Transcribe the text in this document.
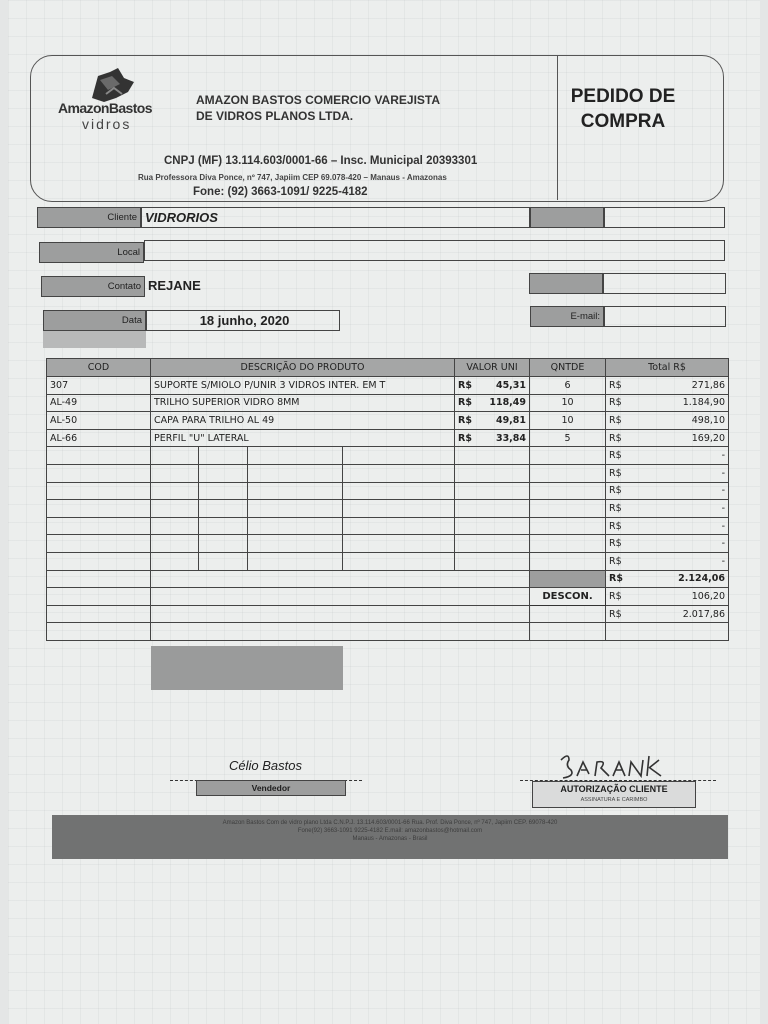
AmazonBastos
vidros
AMAZON BASTOS COMERCIO VAREJISTA
DE VIDROS PLANOS LTDA.
PEDIDO DE
COMPRA
CNPJ (MF) 13.114.603/0001-66 – Insc. Municipal 20393301
Rua Professora Diva Ponce, nº 747, Japiim CEP 69.078-420 – Manaus - Amazonas
Fone: (92) 3663-1091/ 9225-4182
Cliente VIDRORIOS
Local
Contato REJANE
Data	18 junho, 2020	E-mail:
COD	DESCRIÇÃO DO PRODUTO				VALOR UNI	QNTDE	Total R$
307	SUPORTE S/MIOLO P/UNIR 3 VIDROS INTER. EM T				R$ 45,31	6	R$ 271,86

AL-49	TRILHO SUPERIOR VIDRO 8MM				R$ 118,49	10	R$ 1.184,90

AL-50	CAPA PARA TRILHO AL 49				R$ 49,81	10	R$ 498,10

AL-66	PERFIL "U" LATERAL				R$ 33,84	5	R$ 169,20

							R$ -

							R$ -

							R$ -

							R$ -

							R$ -

							R$ -

							R$ -

							R$ 2.124,06

						DESCON.	R$ 106,20

							R$ 2.017,86

Célio Bastos
Vendedor	AUTORIZAÇÃO CLIENTE
ASSINATURA E CARIMBO
Amazon Bastos Com de vidro plano Ltda C.N.P.J. 13.114.603/0001-66 Rua. Prof. Diva Ponce, nº 747, Japiim CEP. 69078-420
Fone(92) 3663-1091 9225-4182 E.mail: amazonbastos@hotmail.com
Manaus - Amazonas - Brasil
